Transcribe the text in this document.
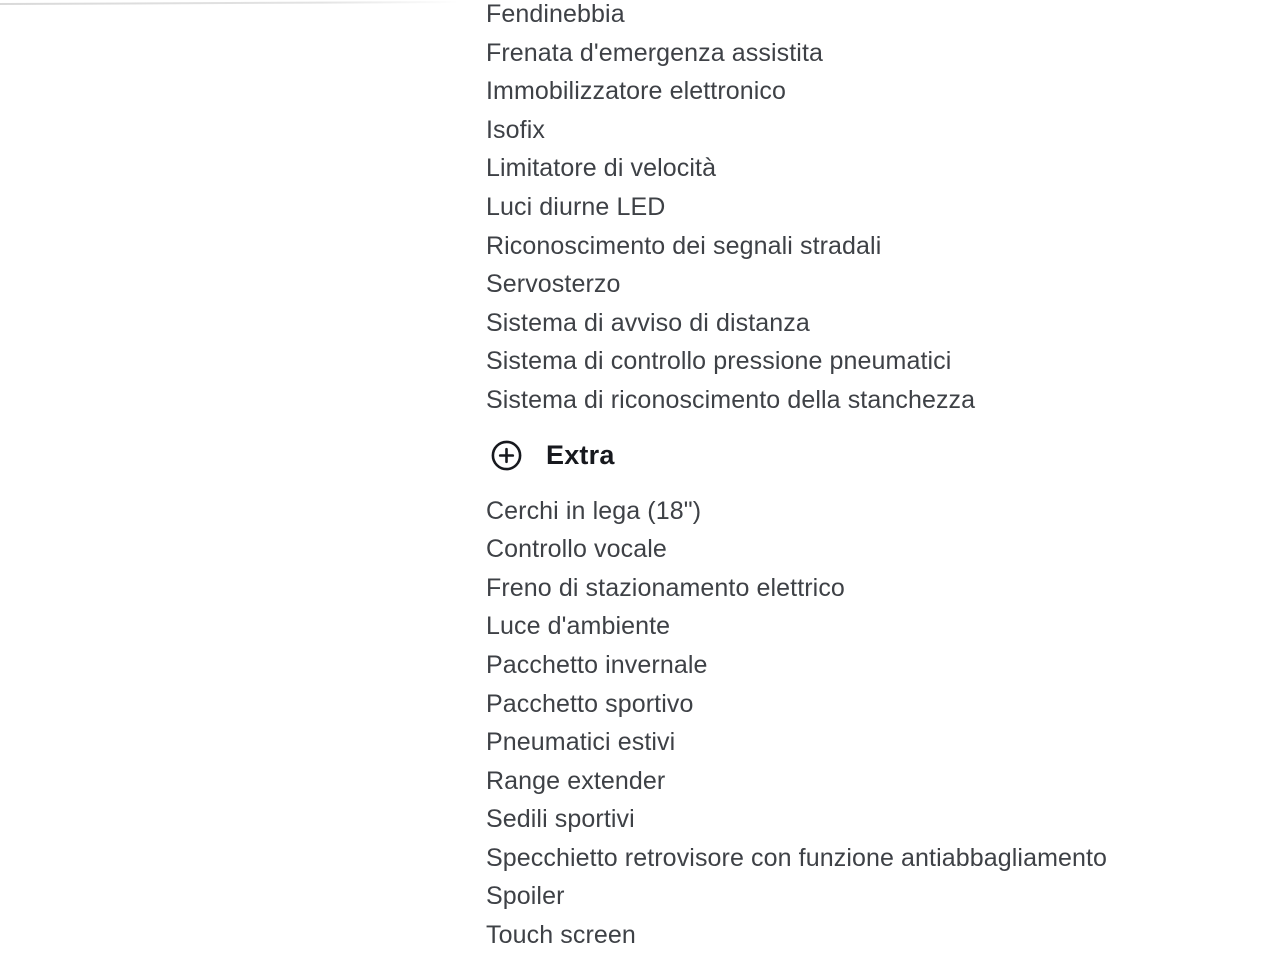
Fendinebbia
Frenata d'emergenza assistita
Immobilizzatore elettronico
Isofix
Limitatore di velocità
Luci diurne LED
Riconoscimento dei segnali stradali
Servosterzo
Sistema di avviso di distanza
Sistema di controllo pressione pneumatici
Sistema di riconoscimento della stanchezza
Extra
Cerchi in lega (18")
Controllo vocale
Freno di stazionamento elettrico
Luce d'ambiente
Pacchetto invernale
Pacchetto sportivo
Pneumatici estivi
Range extender
Sedili sportivi
Specchietto retrovisore con funzione antiabbagliamento
Spoiler
Touch screen
